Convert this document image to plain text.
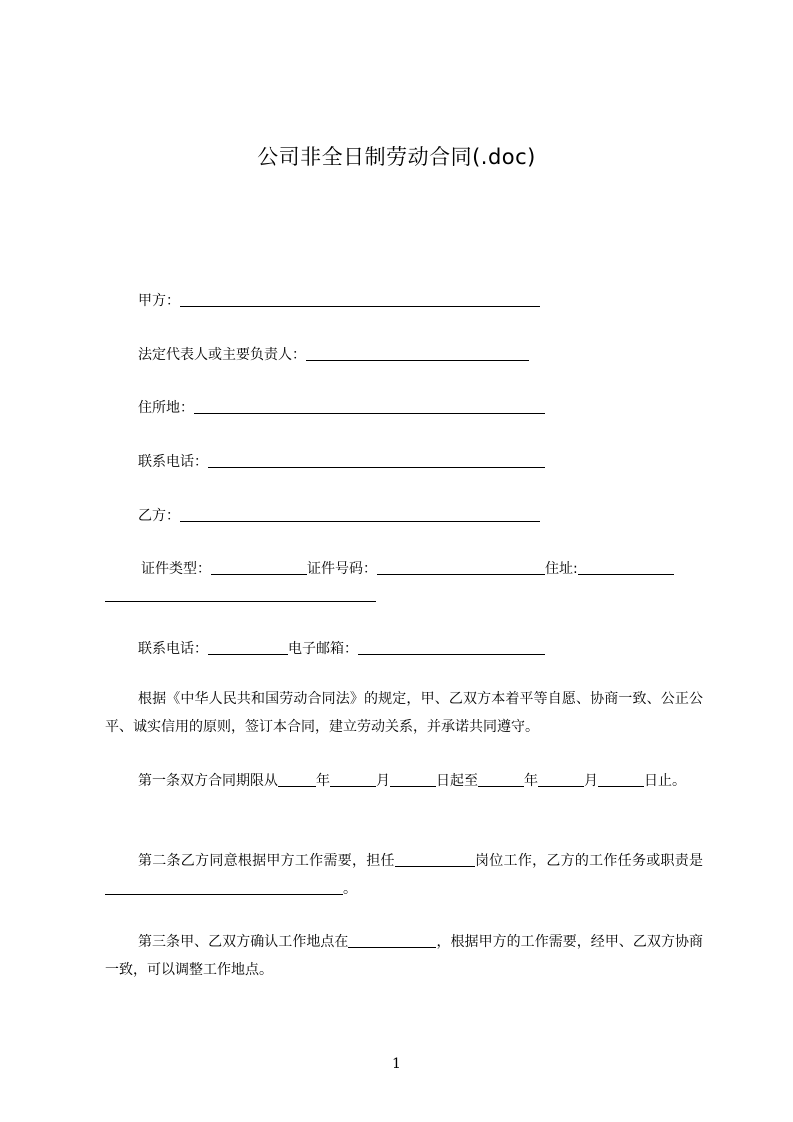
公司非全日制劳动合同(.doc)
甲方：
法定代表人或主要负责人：
住所地：
联系电话：
乙方：
证件类型：	证件号码：	住址:
联系电话：	电子邮箱：
根据《中华人民共和国劳动合同法》的规定，甲、乙双方本着平等自愿、协商一致、公正公平、诚实信用的原则，签订本合同，建立劳动关系，并承诺共同遵守。
第一条双方合同期限从	年	月	日起至	年	月	日止。
第二条乙方同意根据甲方工作需要，担任	岗位工作，乙方的工作任务或职责是。
第三条甲、乙双方确认工作地点在	，根据甲方的工作需要，经甲、乙双方协商一致，可以调整工作地点。
1
